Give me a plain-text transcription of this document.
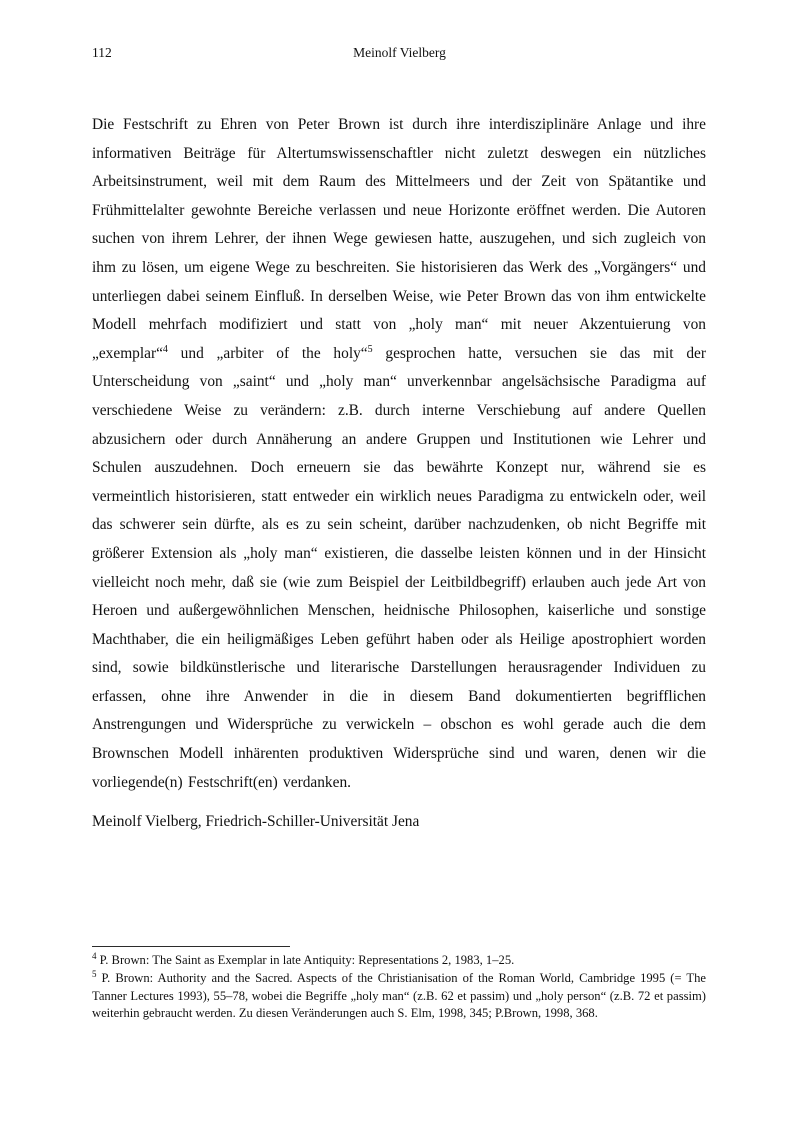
112	Meinolf Vielberg

Die Festschrift zu Ehren von Peter Brown ist durch ihre interdisziplinäre Anlage und ihre informativen Beiträge für Altertumswissenschaftler nicht zuletzt deswegen ein nützliches Arbeitsinstrument, weil mit dem Raum des Mittelmeers und der Zeit von Spätantike und Frühmittelalter gewohnte Bereiche verlassen und neue Horizonte eröffnet werden. Die Autoren suchen von ihrem Lehrer, der ihnen Wege gewiesen hatte, auszugehen, und sich zugleich von ihm zu lösen, um eigene Wege zu beschreiten. Sie historisieren das Werk des „Vorgängers“ und unterliegen dabei seinem Einfluß. In derselben Weise, wie Peter Brown das von ihm entwickelte Modell mehrfach modifiziert und statt von „holy man“ mit neuer Akzentuierung von „exemplar“$^4$ und „arbiter of the holy“$^5$ gesprochen hatte, versuchen sie das mit der Unterscheidung von „saint“ und „holy man“ unverkennbar angelsächsische Paradigma auf verschiedene Weise zu verändern: z.B. durch interne Verschiebung auf andere Quellen abzusichern oder durch Annäherung an andere Gruppen und Institutionen wie Lehrer und Schulen auszudehnen. Doch erneuern sie das bewährte Konzept nur, während sie es vermeintlich historisieren, statt entweder ein wirklich neues Paradigma zu entwickeln oder, weil das schwerer sein dürfte, als es zu sein scheint, darüber nachzudenken, ob nicht Begriffe mit größerer Extension als „holy man“ existieren, die dasselbe leisten können und in der Hinsicht vielleicht noch mehr, daß sie (wie zum Beispiel der Leitbildbegriff) erlauben auch jede Art von Heroen und außergewöhnlichen Menschen, heidnische Philosophen, kaiserliche und sonstige Machthaber, die ein heiligmäßiges Leben geführt haben oder als Heilige apostrophiert worden sind, sowie bildkünstlerische und literarische Darstellungen herausragender Individuen zu erfassen, ohne ihre Anwender in die in diesem Band dokumentierten begrifflichen Anstrengungen und Widersprüche zu verwickeln – obschon es wohl gerade auch die dem Brownschen Modell inhärenten produktiven Widersprüche sind und waren, denen wir die vorliegende(n) Festschrift(en) verdanken.

Meinolf Vielberg, Friedrich-Schiller-Universität Jena

$^4$ P. Brown: The Saint as Exemplar in late Antiquity: Representations 2, 1983, 1–25.

$^5$ P. Brown: Authority and the Sacred. Aspects of the Christianisation of the Roman World, Cambridge 1995 (= The Tanner Lectures 1993), 55–78, wobei die Begriffe „holy man“ (z.B. 62 et passim) und „holy person“ (z.B. 72 et passim) weiterhin gebraucht werden. Zu diesen Veränderungen auch S. Elm, 1998, 345; P.Brown, 1998, 368.
